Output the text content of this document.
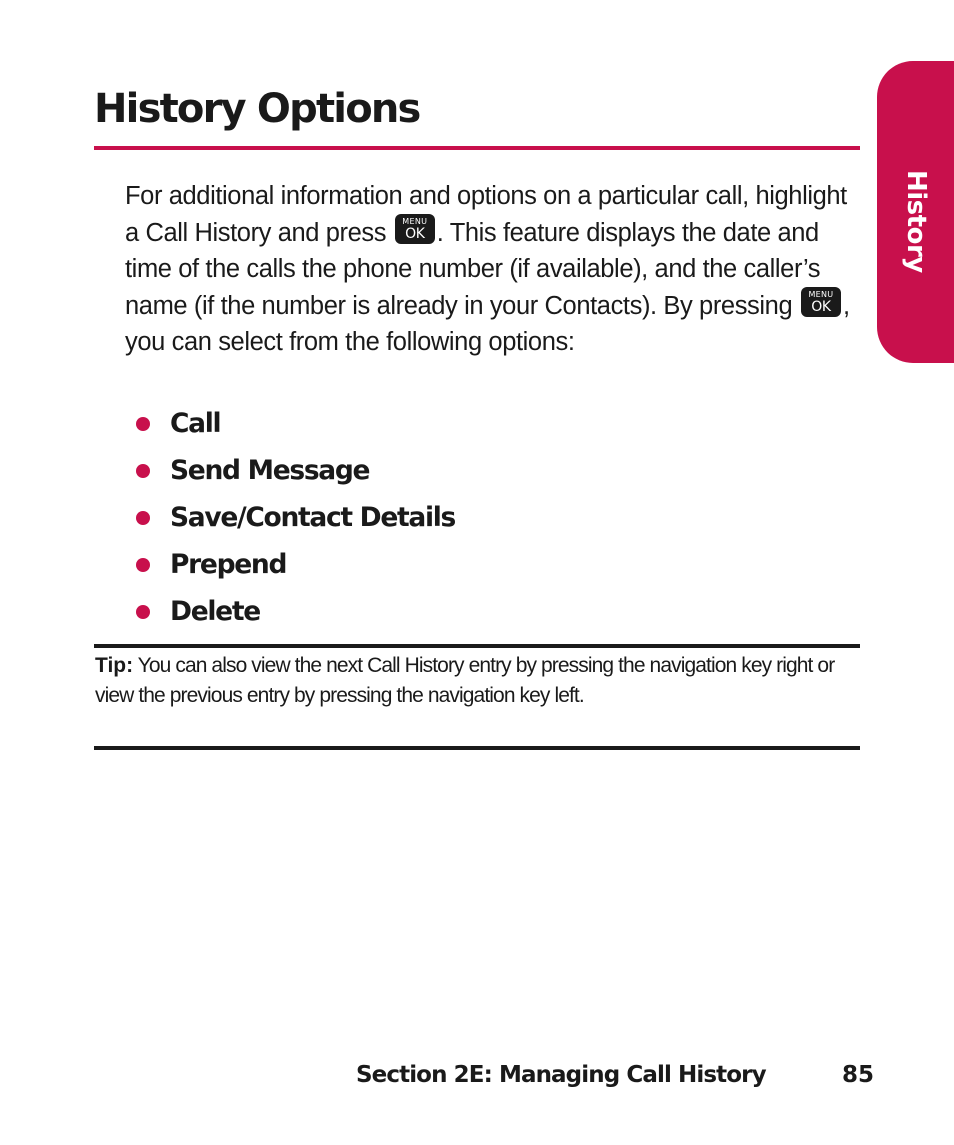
History
History Options

For additional information and options on a particular call, highlight a Call History and press	MENU
OK . This feature displays the date and time of the calls the phone number (if available), and the caller’s name (if the number is already in your Contacts). By pressing	MENU
OK , you can select from the following options:

Call
Send Message
Save/Contact Details
Prepend
Delete

Tip: You can also view the next Call History entry by pressing the navigation key right or view the previous entry by pressing the navigation key left.

Section 2E: Managing Call History	85
